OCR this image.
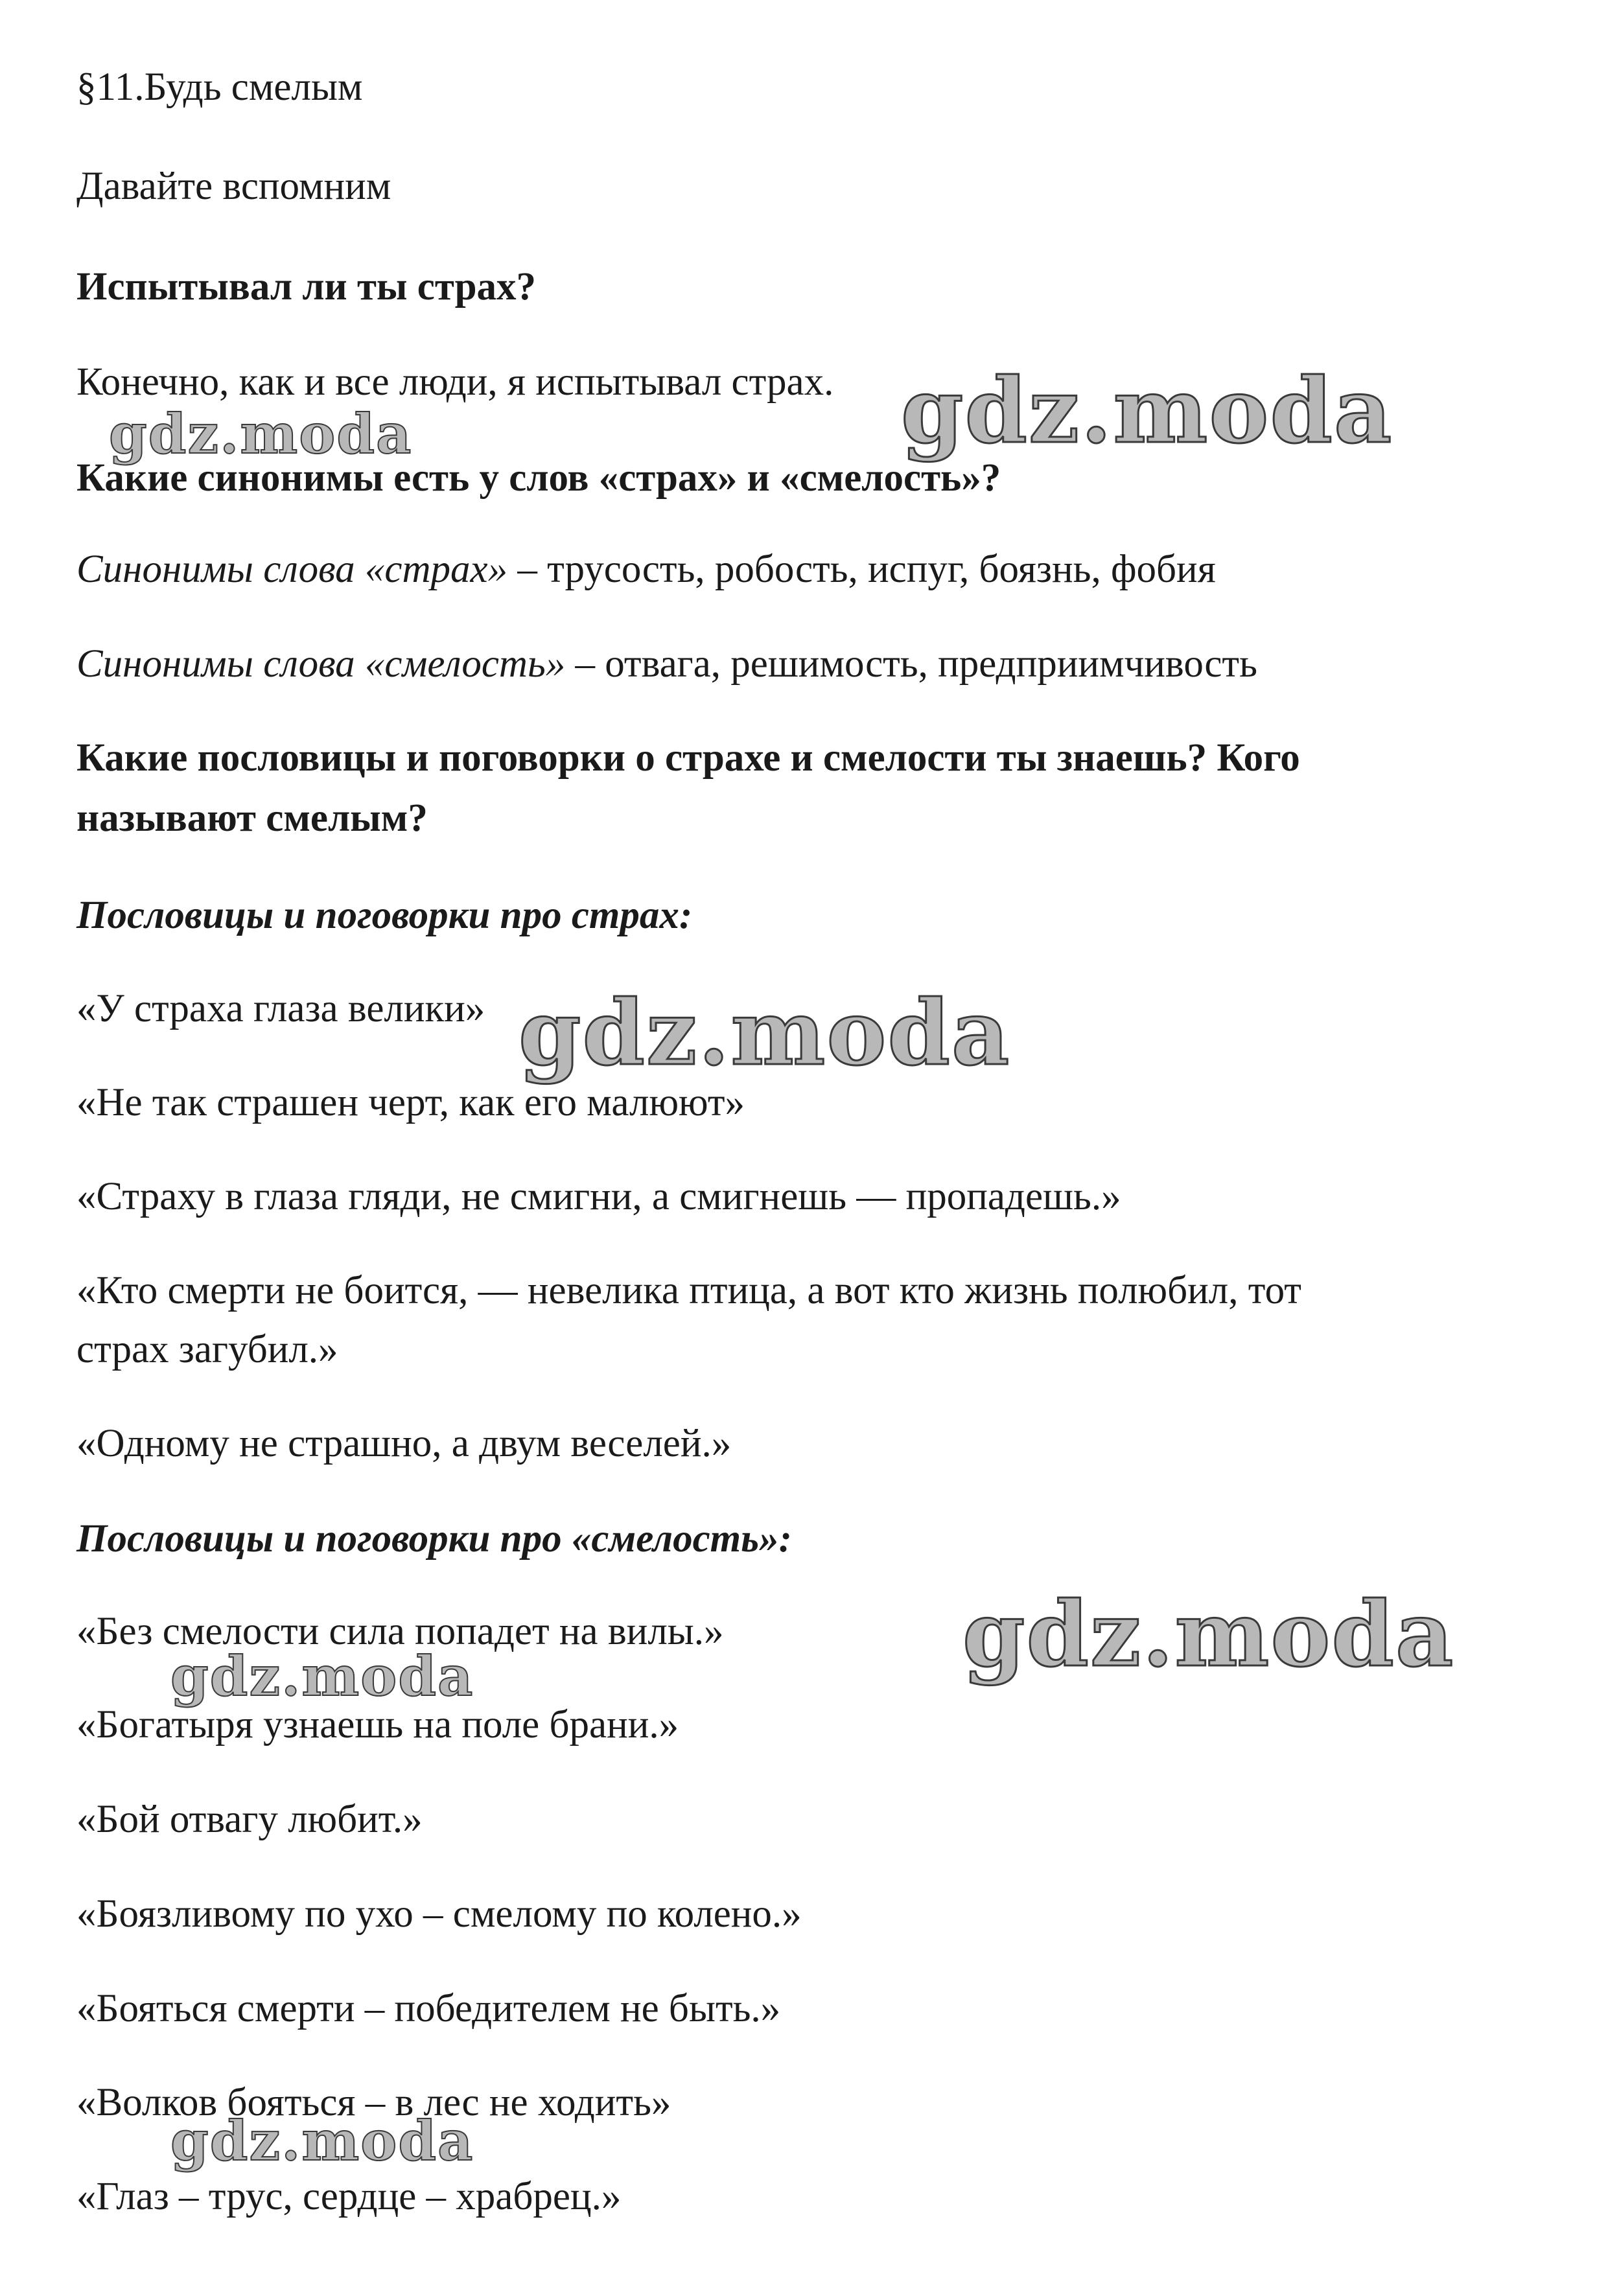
§11.Будь смелым
Давайте вспомним
Испытывал ли ты страх?
Конечно, как и все люди, я испытывал страх.
Какие синонимы есть у слов «страх» и «смелость»?
Синонимы слова «страх» – трусость, робость, испуг, боязнь, фобия
Синонимы слова «смелость» – отвага, решимость, предприимчивость
Какие пословицы и поговорки о страхе и смелости ты знаешь? Кого
называют смелым?
Пословицы и поговорки про страх:
«У страха глаза велики»
«Не так страшен черт, как его малюют»
«Страху в глаза гляди, не смигни, а смигнешь — пропадешь.»
«Кто смерти не боится, — невелика птица, а вот кто жизнь полюбил, тот
страх загубил.»
«Одному не страшно, а двум веселей.»
Пословицы и поговорки про «смелость»:
«Без смелости сила попадет на вилы.»
«Богатыря узнаешь на поле брани.»
«Бой отвагу любит.»
«Боязливому по ухо – смелому по колено.»
«Бояться смерти – победителем не быть.»
«Волков бояться – в лес не ходить»
«Глаз – трус, сердце – храбрец.»
gdz.moda
gdz.moda
gdz.moda
gdz.moda
gdz.moda
gdz.moda
